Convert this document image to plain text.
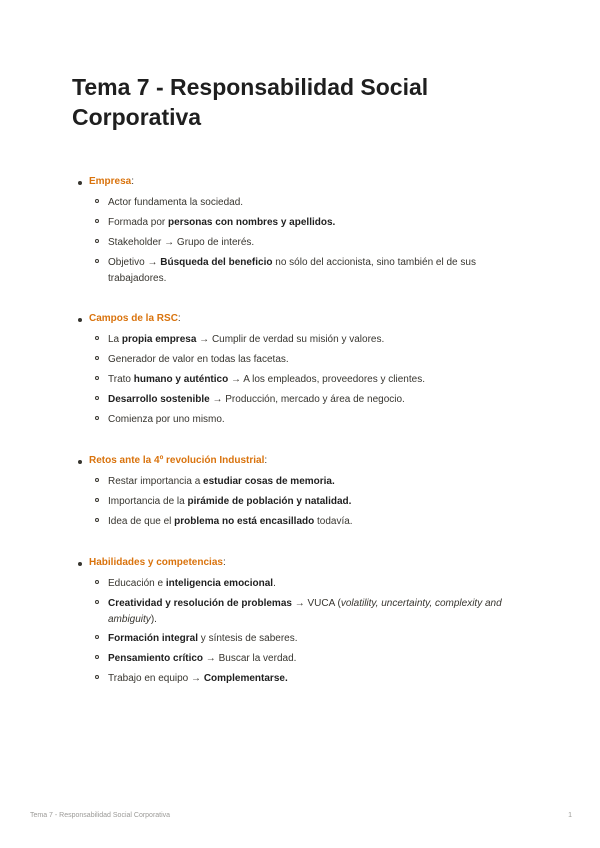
Tema 7 - Responsabilidad Social Corporativa
Empresa:
Actor fundamenta la sociedad.
Formada por personas con nombres y apellidos.
Stakeholder → Grupo de interés.
Objetivo → Búsqueda del beneficio no sólo del accionista, sino también el de sus trabajadores.
Campos de la RSC:
La propia empresa → Cumplir de verdad su misión y valores.
Generador de valor en todas las facetas.
Trato humano y auténtico → A los empleados, proveedores y clientes.
Desarrollo sostenible → Producción, mercado y área de negocio.
Comienza por uno mismo.
Retos ante la 4º revolución Industrial:
Restar importancia a estudiar cosas de memoria.
Importancia de la pirámide de población y natalidad.
Idea de que el problema no está encasillado todavía.
Habilidades y competencias:
Educación e inteligencia emocional.
Creatividad y resolución de problemas → VUCA (volatility, uncertainty, complexity and ambiguity).
Formación integral y síntesis de saberes.
Pensamiento crítico → Buscar la verdad.
Trabajo en equipo → Complementarse.
Tema 7 - Responsabilidad Social Corporativa	1
